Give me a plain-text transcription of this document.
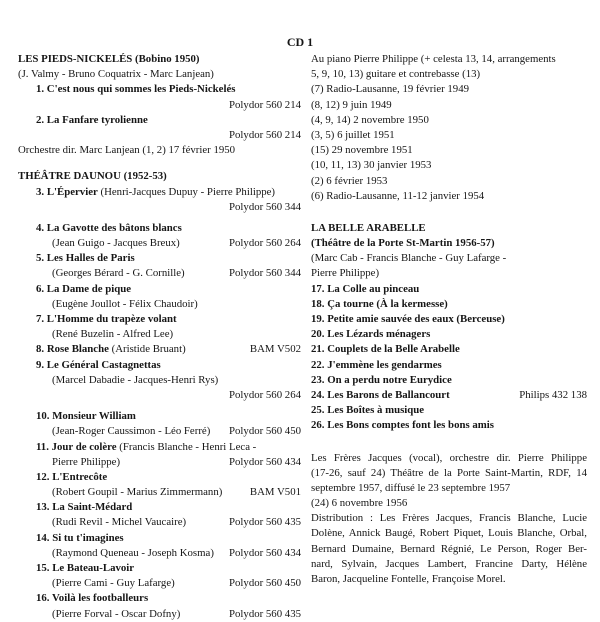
CD 1
LES PIEDS-NICKELÉS (Bobino 1950)
(J. Valmy - Bruno Coquatrix - Marc Lanjean)
1. C'est nous qui sommes les Pieds-Nickelés
Polydor 560 214
2. La Fanfare tyrolienne
Polydor 560 214
Orchestre dir. Marc Lanjean (1, 2) 17 février 1950
THÉÂTRE DAUNOU (1952-53)
3. L'Épervier (Henri-Jacques Dupuy - Pierre Philippe)
Polydor 560 344
4. La Gavotte des bâtons blancs
(Jean Guigo - Jacques Breux)	Polydor 560 264
5. Les Halles de Paris
(Georges Bérard - G. Cornille)	Polydor 560 344
6. La Dame de pique
(Eugène Joullot - Félix Chaudoir)
7. L'Homme du trapèze volant
(René Buzelin - Alfred Lee)
8. Rose Blanche (Aristide Bruant)	BAM V502
9. Le Général Castagnettas
(Marcel Dabadie - Jacques-Henri Rys)
Polydor 560 264
10. Monsieur William
(Jean-Roger Caussimon - Léo Ferré) Polydor 560 450
11. Jour de colère (Francis Blanche - Henri Leca -
Pierre Philippe)	Polydor 560 434
12. L'Entrecôte
(Robert Goupil - Marius Zimmermann)	BAM V501
13. La Saint-Médard
(Rudi Revil - Michel Vaucaire)	Polydor 560 435
14. Si tu t'imagines
(Raymond Queneau - Joseph Kosma) Polydor 560 434
15. Le Bateau-Lavoir
(Pierre Cami - Guy Lafarge)	Polydor 560 450
16. Voilà les footballeurs
(Pierre Forval - Oscar Dofny)	Polydor 560 435
Au piano Pierre Philippe (+ celesta 13, 14, arrangements
5, 9, 10, 13) guitare et contrebasse (13)
(7) Radio-Lausanne, 19 février 1949
(8, 12) 9 juin 1949
(4, 9, 14) 2 novembre 1950
(3, 5) 6 juillet 1951
(15) 29 novembre 1951
(10, 11, 13) 30 janvier 1953
(2) 6 février 1953
(6) Radio-Lausanne, 11-12 janvier 1954
LA BELLE ARABELLE
(Théâtre de la Porte St-Martin 1956-57)
(Marc Cab - Francis Blanche - Guy Lafarge -
Pierre Philippe)
17. La Colle au pinceau
18. Ça tourne (À la kermesse)
19. Petite amie sauvée des eaux (Berceuse)
20. Les Lézards ménagers
21. Couplets de la Belle Arabelle
22. J'emmène les gendarmes
23. On a perdu notre Eurydice
24. Les Barons de Ballancourt	Philips 432 138
25. Les Boîtes à musique
26. Les Bons comptes font les bons amis
Les Frères Jacques (vocal), orchestre dir. Pierre Philippe
(17-26, sauf 24) Théâtre de la Porte Saint-Martin, RDF, 14
septembre 1957, diffusé le 23 septembre 1957
(24) 6 novembre 1956
Distribution : Les Frères Jacques, Francis Blanche, Lucie
Dolène, Annick Baugé, Robert Piquet, Louis Blanche, Orbal,
Bernard Dumaine, Bernard Régnié, Le Person, Roger Ber-
nard, Sylvain, Jacques Lambert, Francine Darty, Hélène
Baron, Jacqueline Fontelle, Françoise Morel.
